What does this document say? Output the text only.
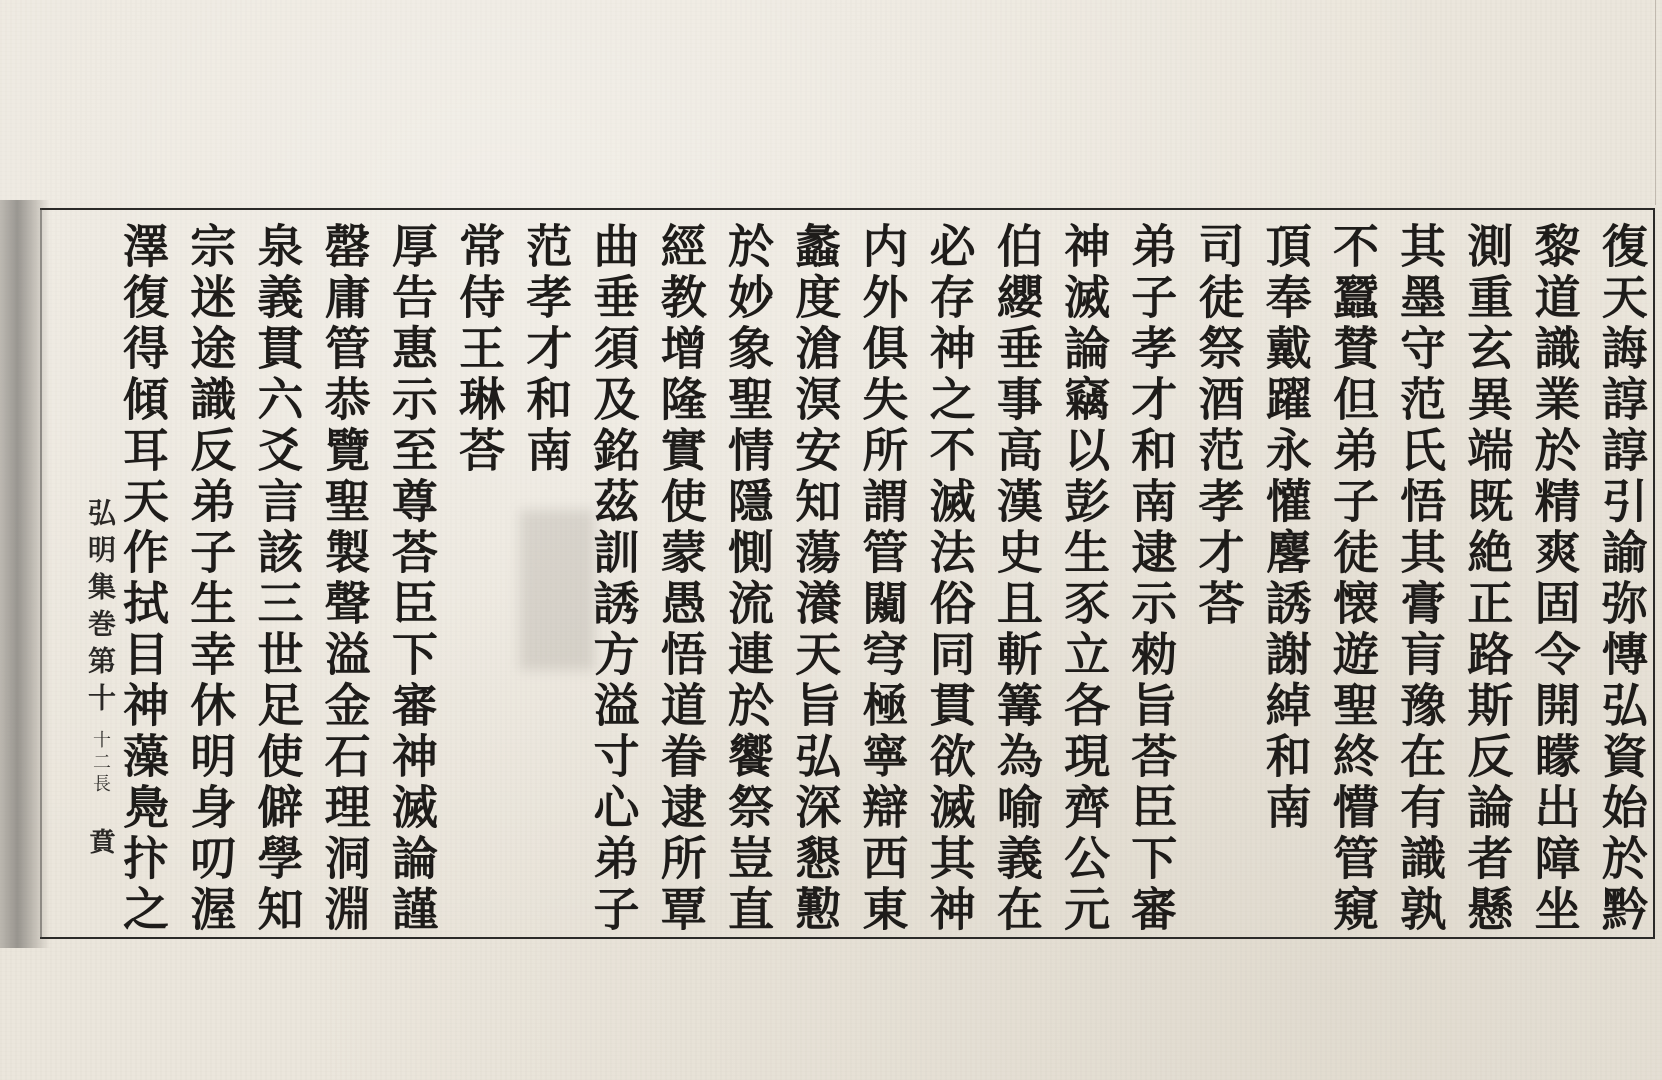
復天誨諄諄引諭弥慱弘資始於黔
黎道識業於精爽固令開矇出障坐
測重玄異端既絶正路斯反論者懸
其墨守范氏悟其膏肓豫在有識孰
不蠶賛但弟子徒懐遊聖終懵管窺
頂奉戴躍永懽麐誘謝綽和南
司徒祭酒范孝才荅
弟子孝才和南逮示勑旨荅臣下審
神滅論竊以彭生豕立各現齊公元
伯纓垂事高漢史且斬篝為喻義在
必存神之不滅法俗同貫欲滅其神
内外俱失所謂管闚穹極寧辯西東
蠡度滄溟安知蕩瀁天旨弘深懇懃
於妙象聖情隱惻流連於饗祭豈直
經教增隆實使蒙愚悟道眷逮所覃
曲垂須及銘茲訓誘方溢寸心弟子
范孝才和南
常侍王琳荅
厚告惠示至尊荅臣下審神滅論謹
罄庸管恭覽聖製聲溢金石理洞淵
泉義貫六爻言該三世足使僻學知
宗迷途識反弟子生幸休明身叨渥
澤復得傾耳天作拭目神藻鳧抃之
弘明集巻第十
十二長
賁
